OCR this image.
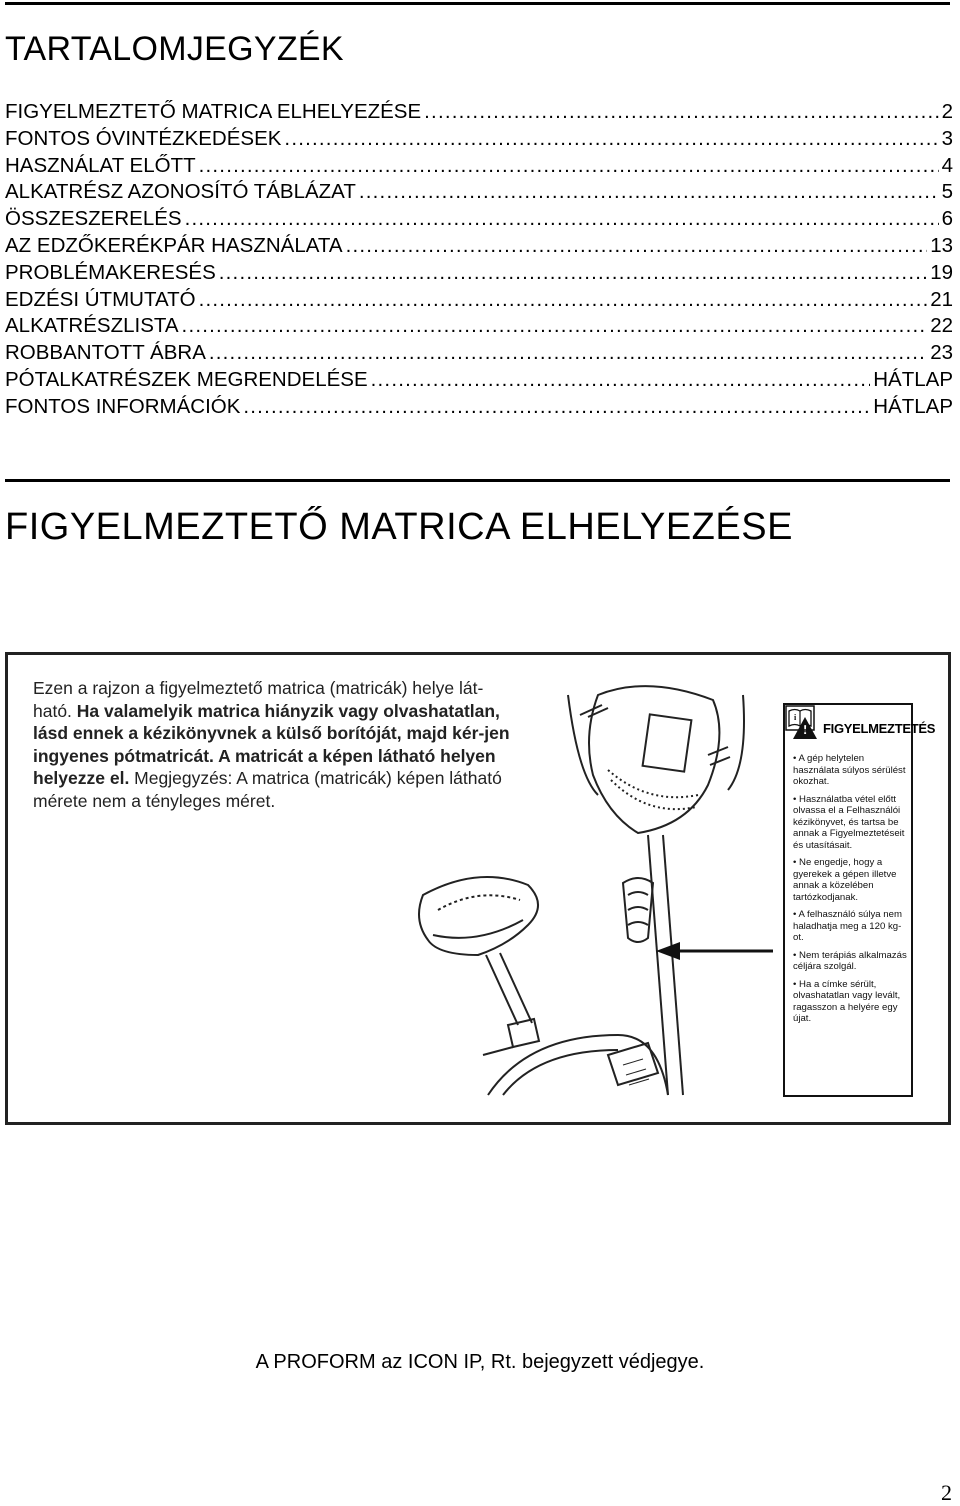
TARTALOMJEGYZÉK
FIGYELMEZTETŐ MATRICA ELHELYEZÉSE .....	2
FONTOS ÓVINTÉZKEDÉSEK .....	3
HASZNÁLAT ELŐTT .....	4
ALKATRÉSZ AZONOSÍTÓ TÁBLÁZAT .....	5
ÖSSZESZERELÉS .....	6
AZ EDZŐKERÉKPÁR HASZNÁLATA .....	13
PROBLÉMAKERESÉS .....	19
EDZÉSI ÚTMUTATÓ .....	21
ALKATRÉSZLISTA .....	22
ROBBANTOTT ÁBRA .....	23
PÓTALKATRÉSZEK MEGRENDELÉSE .....	HÁTLAP
FONTOS INFORMÁCIÓK .....	HÁTLAP
FIGYELMEZTETŐ MATRICA ELHELYEZÉSE
Ezen a rajzon a figyelmeztető matrica (matricák) helye lát-
ható. Ha valamelyik matrica hiányzik vagy olvashatatlan, lásd ennek a kézikönyvnek a külső borítóját, majd kér-jen ingyenes pótmatricát. A matricát a képen látható helyen helyezze el. Megjegyzés: A matrica (matricák) képen látható mérete nem a tényleges méret.
! FIGYELMEZTETÉS
• A gép helytelen használata súlyos sérülést okozhat.
• Használatba vétel előtt olvassa el a Felhasználói kézikönyvet, és tartsa be annak a Figyelmeztetéseit és utasításait.
• Ne engedje, hogy a gyerekek a gépen illetve annak a közelében tartózkodjanak.
• A felhasználó súlya nem haladhatja meg a 120 kg-ot.
• Nem terápiás alkalmazás céljára szolgál.
• Ha a címke sérült, olvashatatlan vagy levált, ragasszon a helyére egy újat.
i
A PROFORM az ICON IP, Rt. bejegyzett védjegye.
2
